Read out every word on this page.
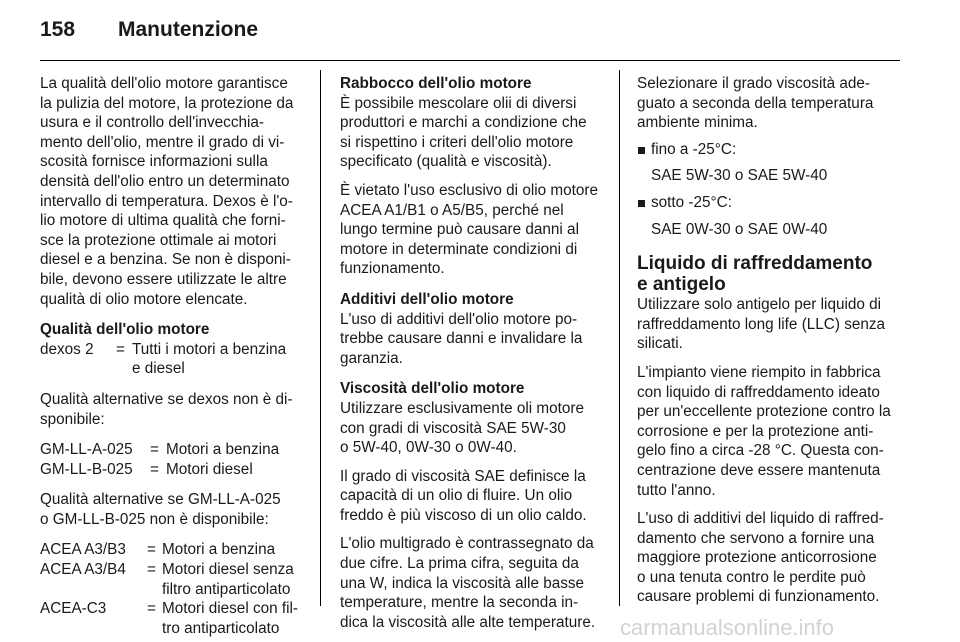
158 Manutenzione

La qualità dell'olio motore garantisce

la pulizia del motore, la protezione da

usura e il controllo dell'invecchia-

mento dell'olio, mentre il grado di vi-

scosità fornisce informazioni sulla

densità dell'olio entro un determinato

intervallo di temperatura. Dexos è l'o-

lio motore di ultima qualità che forni-

sce la protezione ottimale ai motori

diesel e a benzina. Se non è disponi-

bile, devono essere utilizzate le altre

qualità di olio motore elencate.

Qualità dell'olio motore

dexos 2	=	Tutti i motori a benzina
e diesel

Qualità alternative se dexos non è di-

sponibile:

GM-LL-A-025	=	Motori a benzina
GM-LL-B-025	=	Motori diesel

Qualità alternative se GM-LL-A-025

o GM-LL-B-025 non è disponibile:

ACEA A3/B3	=	Motori a benzina
ACEA A3/B4	=	Motori diesel senza
filtro antiparticolato

ACEA-C3	=	Motori diesel con fil-
tro antiparticolato

Rabbocco dell'olio motore

È possibile mescolare olii di diversi

produttori e marchi a condizione che

si rispettino i criteri dell'olio motore

specificato (qualità e viscosità).

È vietato l'uso esclusivo di olio motore

ACEA A1/B1 o A5/B5, perché nel

lungo termine può causare danni al

motore in determinate condizioni di

funzionamento.

Additivi dell'olio motore

L'uso di additivi dell'olio motore po-

trebbe causare danni e invalidare la

garanzia.

Viscosità dell'olio motore

Utilizzare esclusivamente oli motore

con gradi di viscosità SAE 5W-30

o 5W-40, 0W-30 o 0W-40.

Il grado di viscosità SAE definisce la

capacità di un olio di fluire. Un olio

freddo è più viscoso di un olio caldo.

L'olio multigrado è contrassegnato da

due cifre. La prima cifra, seguita da

una W, indica la viscosità alle basse

temperature, mentre la seconda in-

dica la viscosità alle alte temperature.

Selezionare il grado viscosità ade-

guato a seconda della temperatura

ambiente minima.

fino a -25°C:
SAE 5W-30 o SAE 5W-40
sotto -25°C:
SAE 0W-30 o SAE 0W-40
Liquido di raffreddamento
e antigelo

Utilizzare solo antigelo per liquido di

raffreddamento long life (LLC) senza

silicati.

L'impianto viene riempito in fabbrica

con liquido di raffreddamento ideato

per un'eccellente protezione contro la

corrosione e per la protezione anti-

gelo fino a circa -28 °C. Questa con-

centrazione deve essere mantenuta

tutto l'anno.

L'uso di additivi del liquido di raffred-

damento che servono a fornire una

maggiore protezione anticorrosione

o una tenuta contro le perdite può

causare problemi di funzionamento.

carmanualsonline.info
